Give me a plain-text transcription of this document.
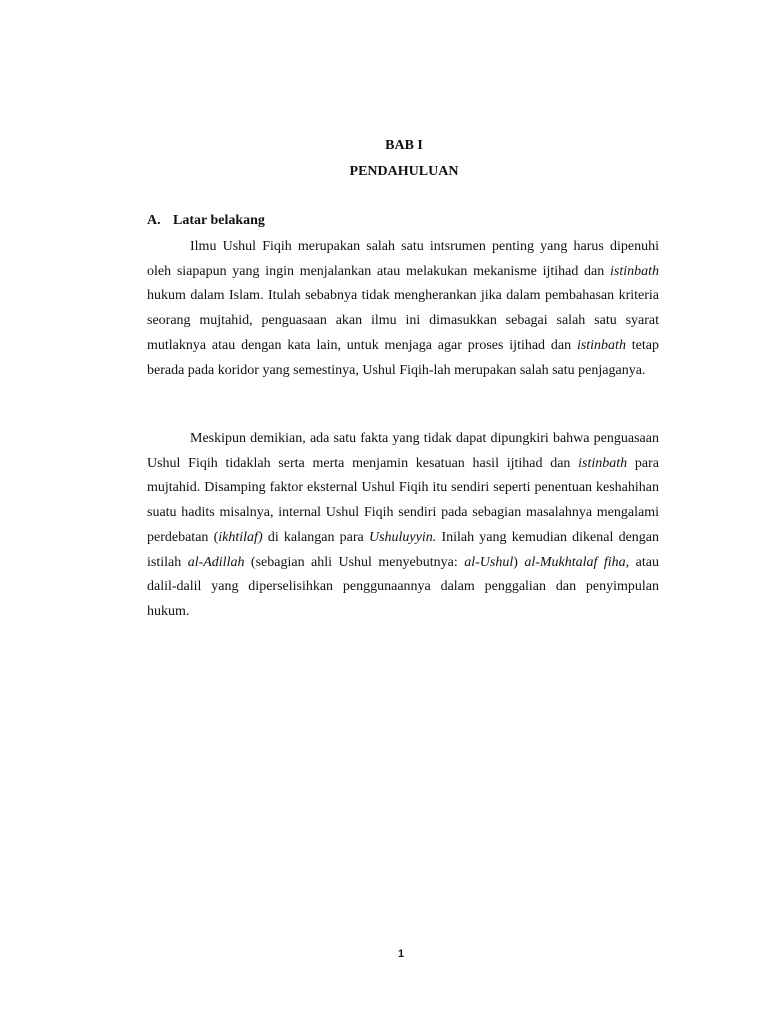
BAB I
PENDAHULUAN
A. Latar belakang

Ilmu Ushul Fiqih merupakan salah satu intsrumen penting yang harus dipenuhi oleh siapapun yang ingin menjalankan atau melakukan mekanisme ijtihad dan istinbath hukum dalam Islam. Itulah sebabnya tidak mengherankan jika dalam pembahasan kriteria seorang mujtahid, penguasaan akan ilmu ini dimasukkan sebagai salah satu syarat mutlaknya atau dengan kata lain, untuk menjaga agar proses ijtihad dan istinbath tetap berada pada koridor yang semestinya, Ushul Fiqih-lah merupakan salah satu penjaganya.

Meskipun demikian, ada satu fakta yang tidak dapat dipungkiri bahwa penguasaan Ushul Fiqih tidaklah serta merta menjamin kesatuan hasil ijtihad dan istinbath para mujtahid. Disamping faktor eksternal Ushul Fiqih itu sendiri seperti penentuan keshahihan suatu hadits misalnya, internal Ushul Fiqih sendiri pada sebagian masalahnya mengalami perdebatan (ikhtilaf) di kalangan para Ushuluyyin. Inilah yang kemudian dikenal dengan istilah al-Adillah (sebagian ahli Ushul menyebutnya: al-Ushul) al-Mukhtalaf fiha, atau dalil-dalil yang diperselisihkan penggunaannya dalam penggalian dan penyimpulan hukum.

1
